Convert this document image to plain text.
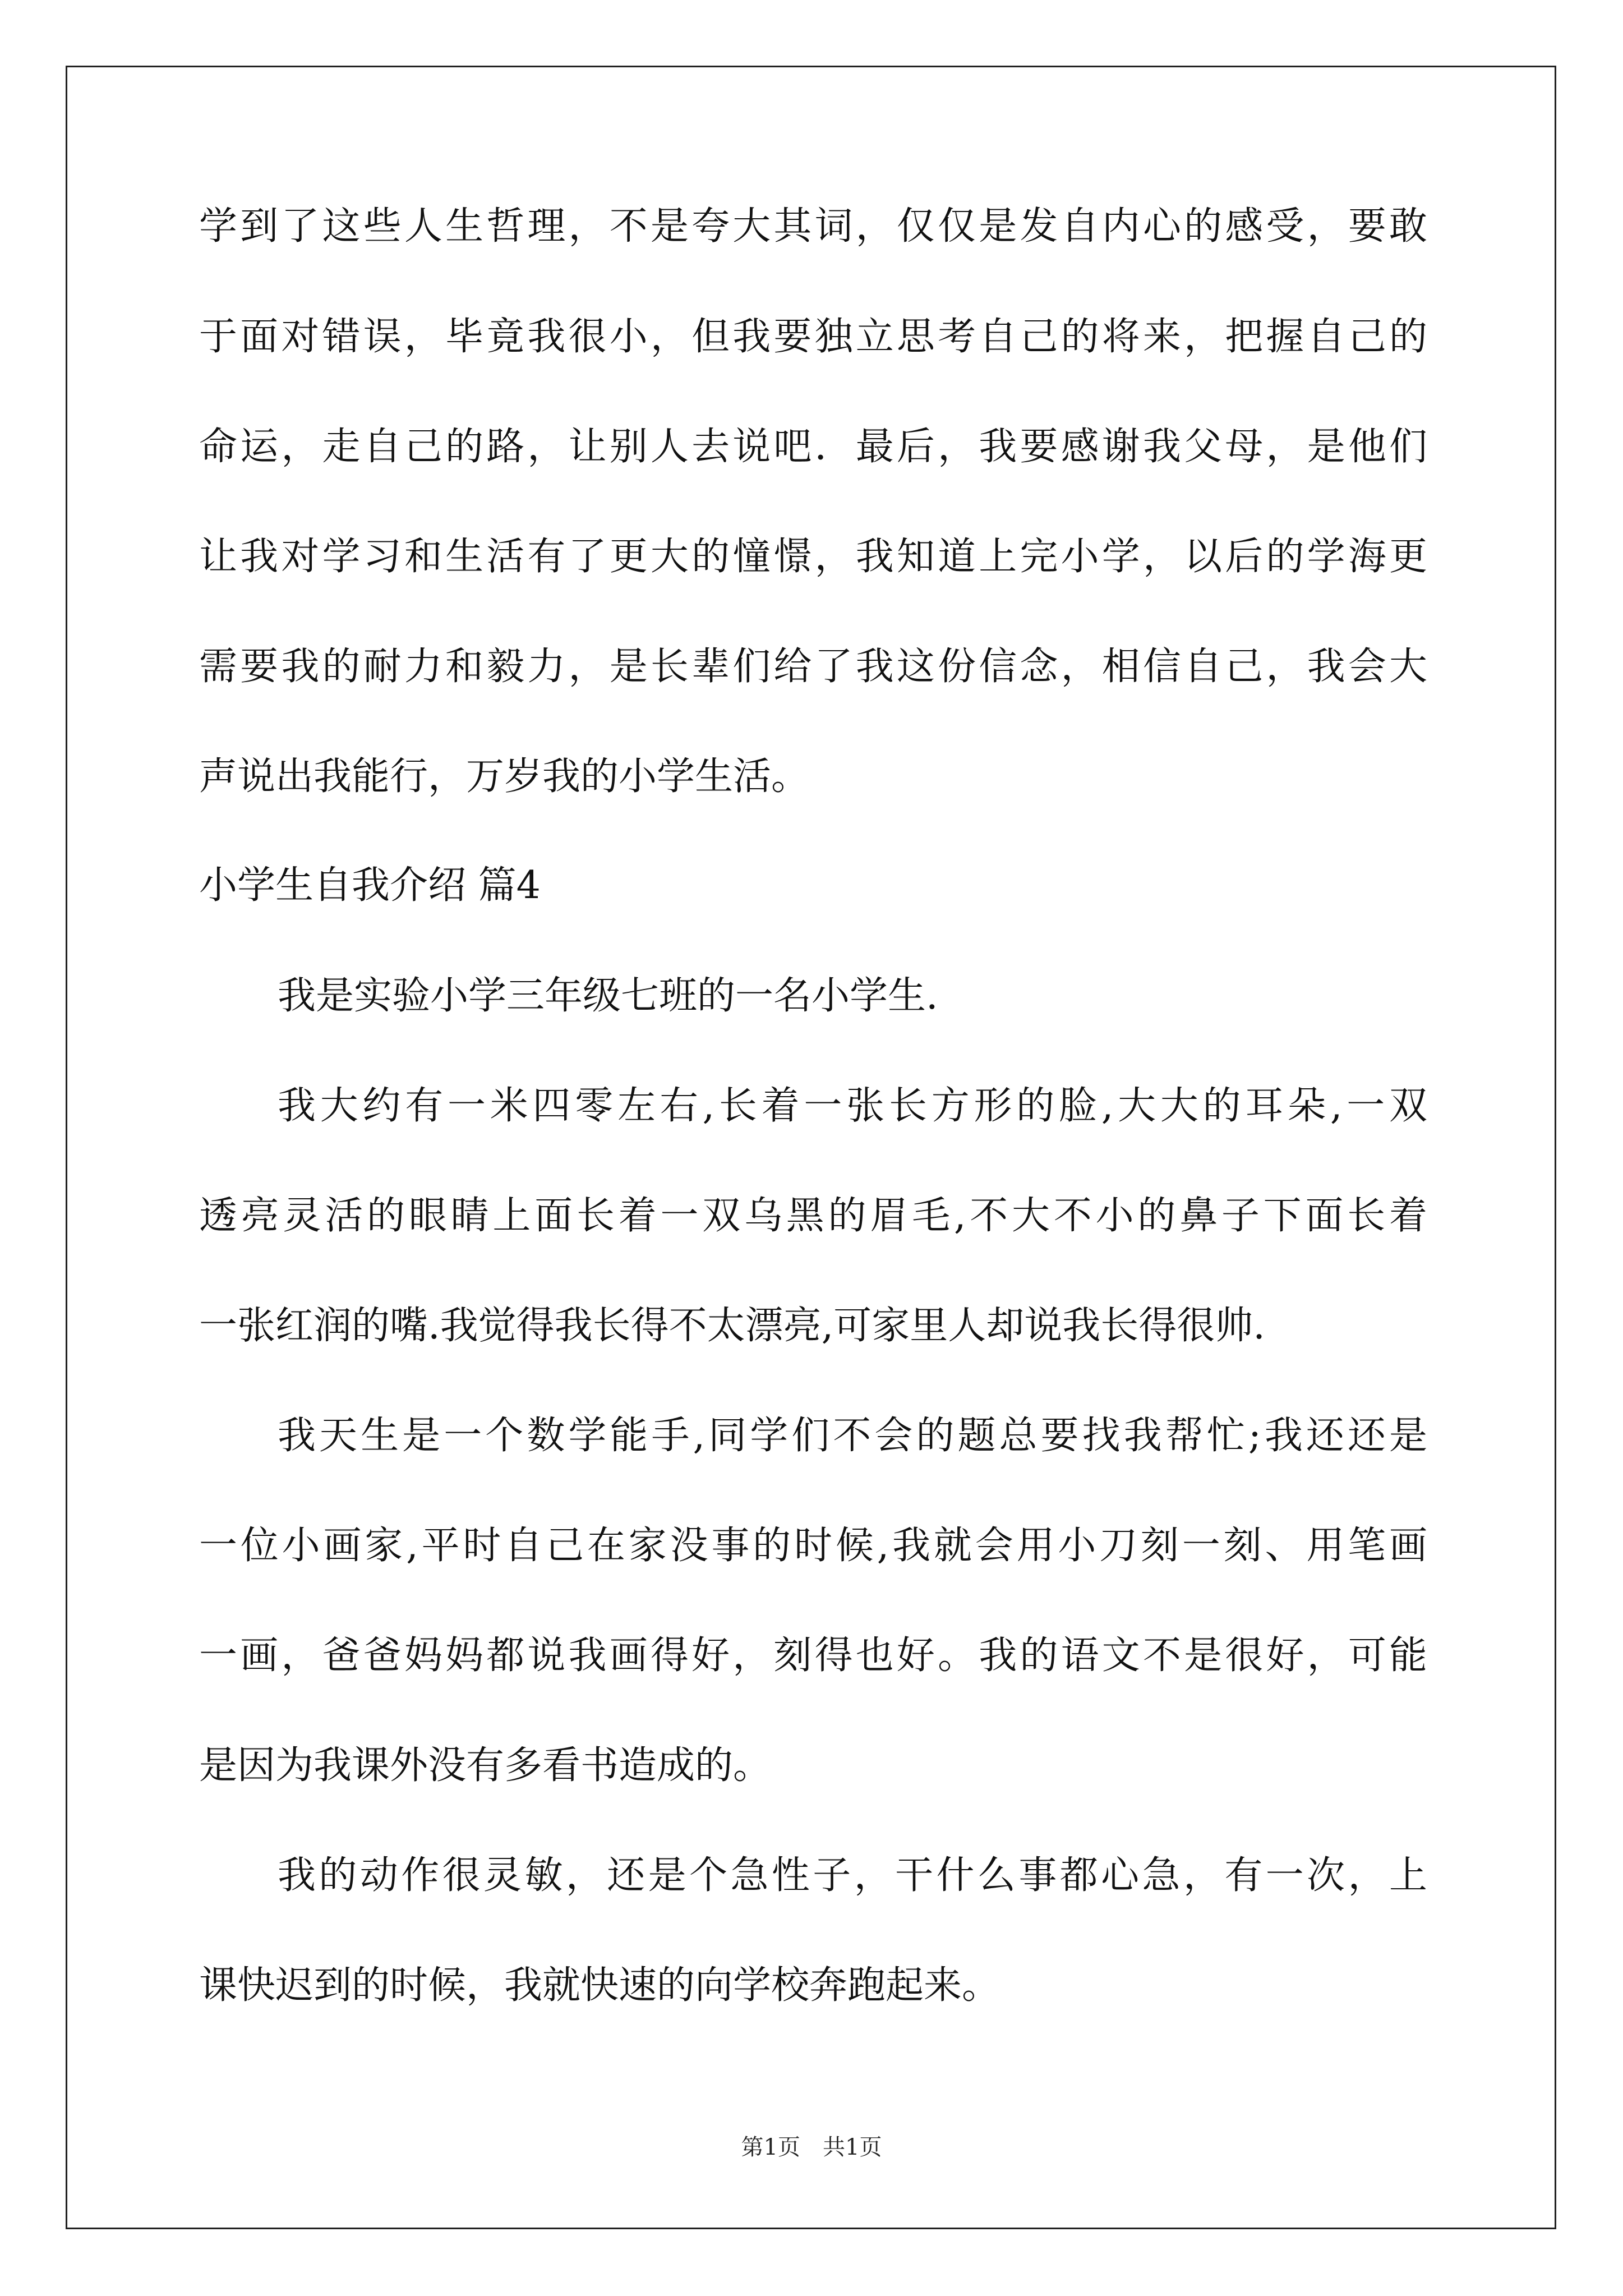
学到了这些人生哲理，不是夸大其词，仅仅是发自内心的感受，要敢
于面对错误，毕竟我很小，但我要独立思考自己的将来，把握自己的
命运，走自己的路，让别人去说吧．最后，我要感谢我父母，是他们
让我对学习和生活有了更大的憧憬，我知道上完小学，以后的学海更
需要我的耐力和毅力，是长辈们给了我这份信念，相信自己，我会大
声说出我能行，万岁我的小学生活。
小学生自我介绍 篇4
我是实验小学三年级七班的一名小学生.
我大约有一米四零左右,长着一张长方形的脸,大大的耳朵,一双
透亮灵活的眼睛上面长着一双乌黑的眉毛,不大不小的鼻子下面长着
一张红润的嘴.我觉得我长得不太漂亮,可家里人却说我长得很帅.
我天生是一个数学能手,同学们不会的题总要找我帮忙;我还还是
一位小画家,平时自己在家没事的时候,我就会用小刀刻一刻、用笔画
一画，爸爸妈妈都说我画得好，刻得也好。我的语文不是很好，可能
是因为我课外没有多看书造成的。
我的动作很灵敏，还是个急性子，干什么事都心急，有一次，上
课快迟到的时候，我就快速的向学校奔跑起来。
第1页　共1页
